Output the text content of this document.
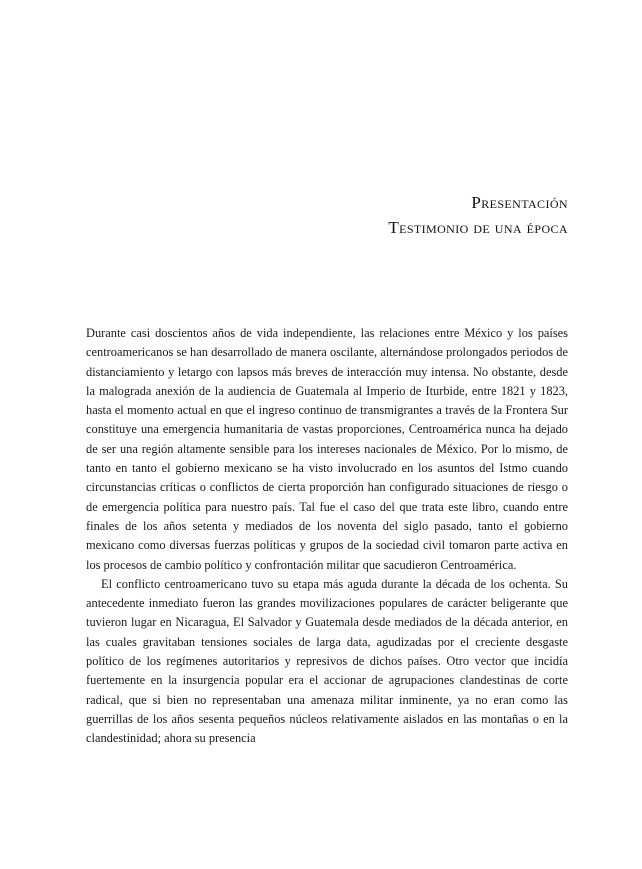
Presentación
Testimonio de una época

Durante casi doscientos años de vida independiente, las relaciones entre México y los países centroamericanos se han desarrollado de manera oscilante, alternándose prolongados periodos de distanciamiento y letargo con lapsos más breves de interacción muy intensa. No obstante, desde la malograda anexión de la audiencia de Guatemala al Imperio de Iturbide, entre 1821 y 1823, hasta el momento actual en que el ingreso continuo de transmigrantes a través de la Frontera Sur constituye una emergencia humanitaria de vastas proporciones, Centroamérica nunca ha dejado de ser una región altamente sensible para los intereses nacionales de México. Por lo mismo, de tanto en tanto el gobierno mexicano se ha visto involucrado en los asuntos del Istmo cuando circunstancias críticas o conflictos de cierta proporción han configurado situaciones de riesgo o de emergencia política para nuestro país. Tal fue el caso del que trata este libro, cuando entre finales de los años setenta y mediados de los noventa del siglo pasado, tanto el gobierno mexicano como diversas fuerzas políticas y grupos de la sociedad civil tomaron parte activa en los procesos de cambio político y confrontación militar que sacudieron Centroamérica.

El conflicto centroamericano tuvo su etapa más aguda durante la década de los ochenta. Su antecedente inmediato fueron las grandes movilizaciones populares de carácter beligerante que tuvieron lugar en Nicaragua, El Salvador y Guatemala desde mediados de la década anterior, en las cuales gravitaban tensiones sociales de larga data, agudizadas por el creciente desgaste político de los regímenes autoritarios y represivos de dichos países. Otro vector que incidía fuertemente en la insurgencia popular era el accionar de agrupaciones clandestinas de corte radical, que si bien no representaban una amenaza militar inminente, ya no eran como las guerrillas de los años sesenta pequeños núcleos relativamente aislados en las montañas o en la clandestinidad; ahora su presencia
